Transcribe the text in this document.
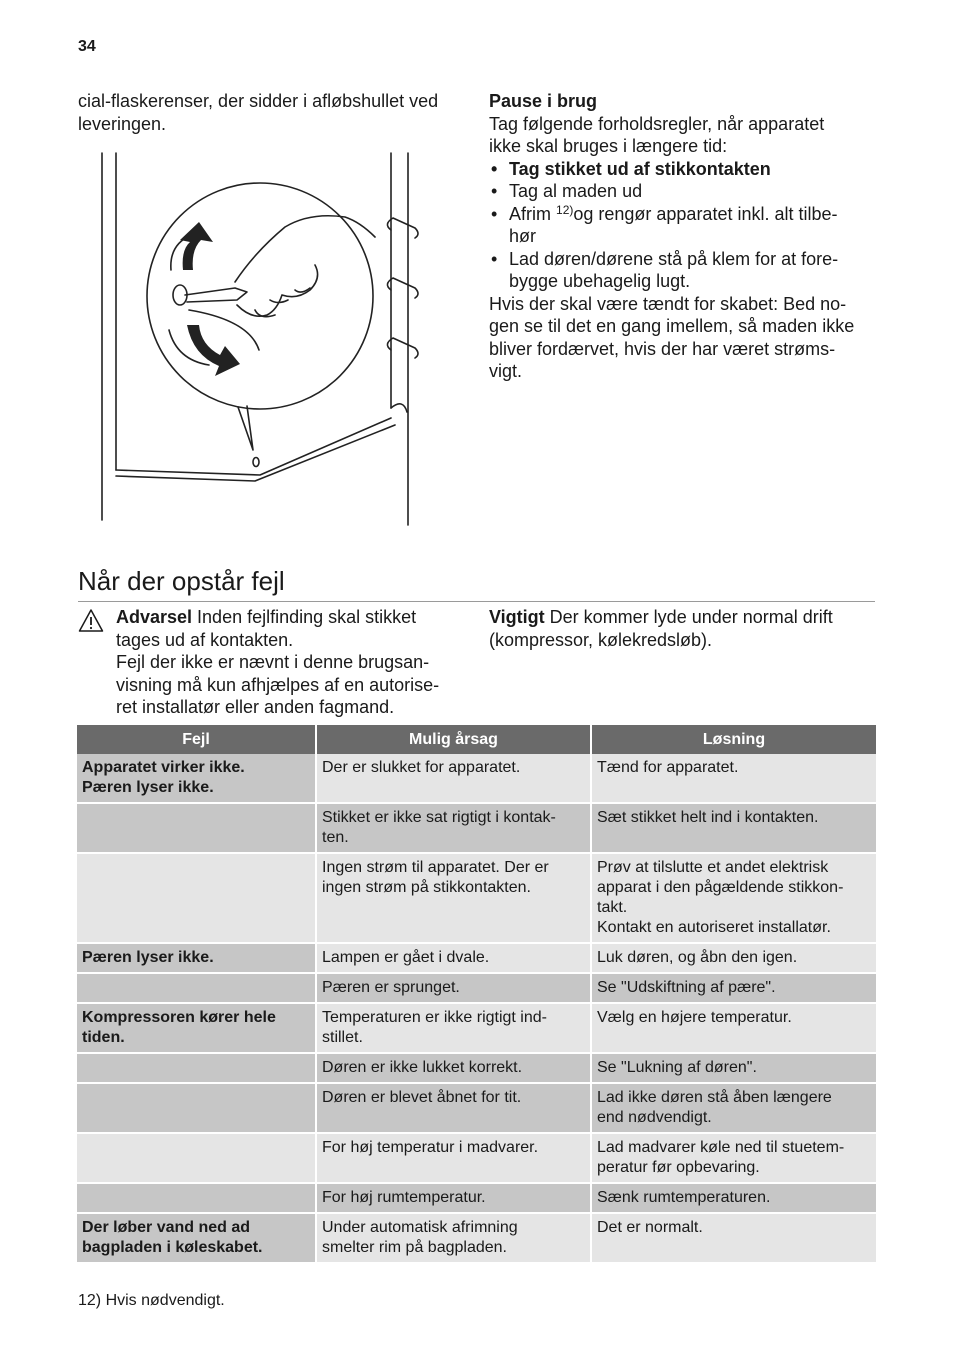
34
cial-flaskerenser, der sidder i afløbshullet ved
leveringen.
Pause i brug
Tag følgende forholdsregler, når apparatet
ikke skal bruges i længere tid:
• Tag stikket ud af stikkontakten
• Tag al maden ud
• Afrim $^{12)}$og rengør apparatet inkl. alt tilbe-
hør
• Lad døren/dørene stå på klem for at fore-
bygge ubehagelig lugt.
Hvis der skal være tændt for skabet: Bed no-
gen se til det en gang imellem, så maden ikke
bliver fordærvet, hvis der har været strøms-
vigt.
Når der opstår fejl
Advarsel Inden fejlfinding skal stikket
tages ud af kontakten.
Fejl der ikke er nævnt i denne brugsan-
visning må kun afhjælpes af en autorise-
ret installatør eller anden fagmand.
Vigtigt Der kommer lyde under normal drift
(kompressor, kølekredsløb).
Fejl	Mulig årsag	Løsning
Apparatet virker ikke.
Pæren lyser ikke.	Der er slukket for apparatet.	Tænd for apparatet.
	Stikket er ikke sat rigtigt i kontak-
ten.	Sæt stikket helt ind i kontakten.
	Ingen strøm til apparatet. Der er
ingen strøm på stikkontakten.	Prøv at tilslutte et andet elektrisk
apparat i den pågældende stikkon-
takt.
Kontakt en autoriseret installatør.
Pæren lyser ikke.	Lampen er gået i dvale.	Luk døren, og åbn den igen.
	Pæren er sprunget.	Se "Udskiftning af pære".
Kompressoren kører hele
tiden.	Temperaturen er ikke rigtigt ind-
stillet.	Vælg en højere temperatur.
	Døren er ikke lukket korrekt.	Se "Lukning af døren".
	Døren er blevet åbnet for tit.	Lad ikke døren stå åben længere
end nødvendigt.
	For høj temperatur i madvarer.	Lad madvarer køle ned til stuetem-
peratur før opbevaring.
	For høj rumtemperatur.	Sænk rumtemperaturen.
Der løber vand ned ad
bagpladen i køleskabet.	Under automatisk afrimning
smelter rim på bagpladen.	Det er normalt.
12) Hvis nødvendigt.
